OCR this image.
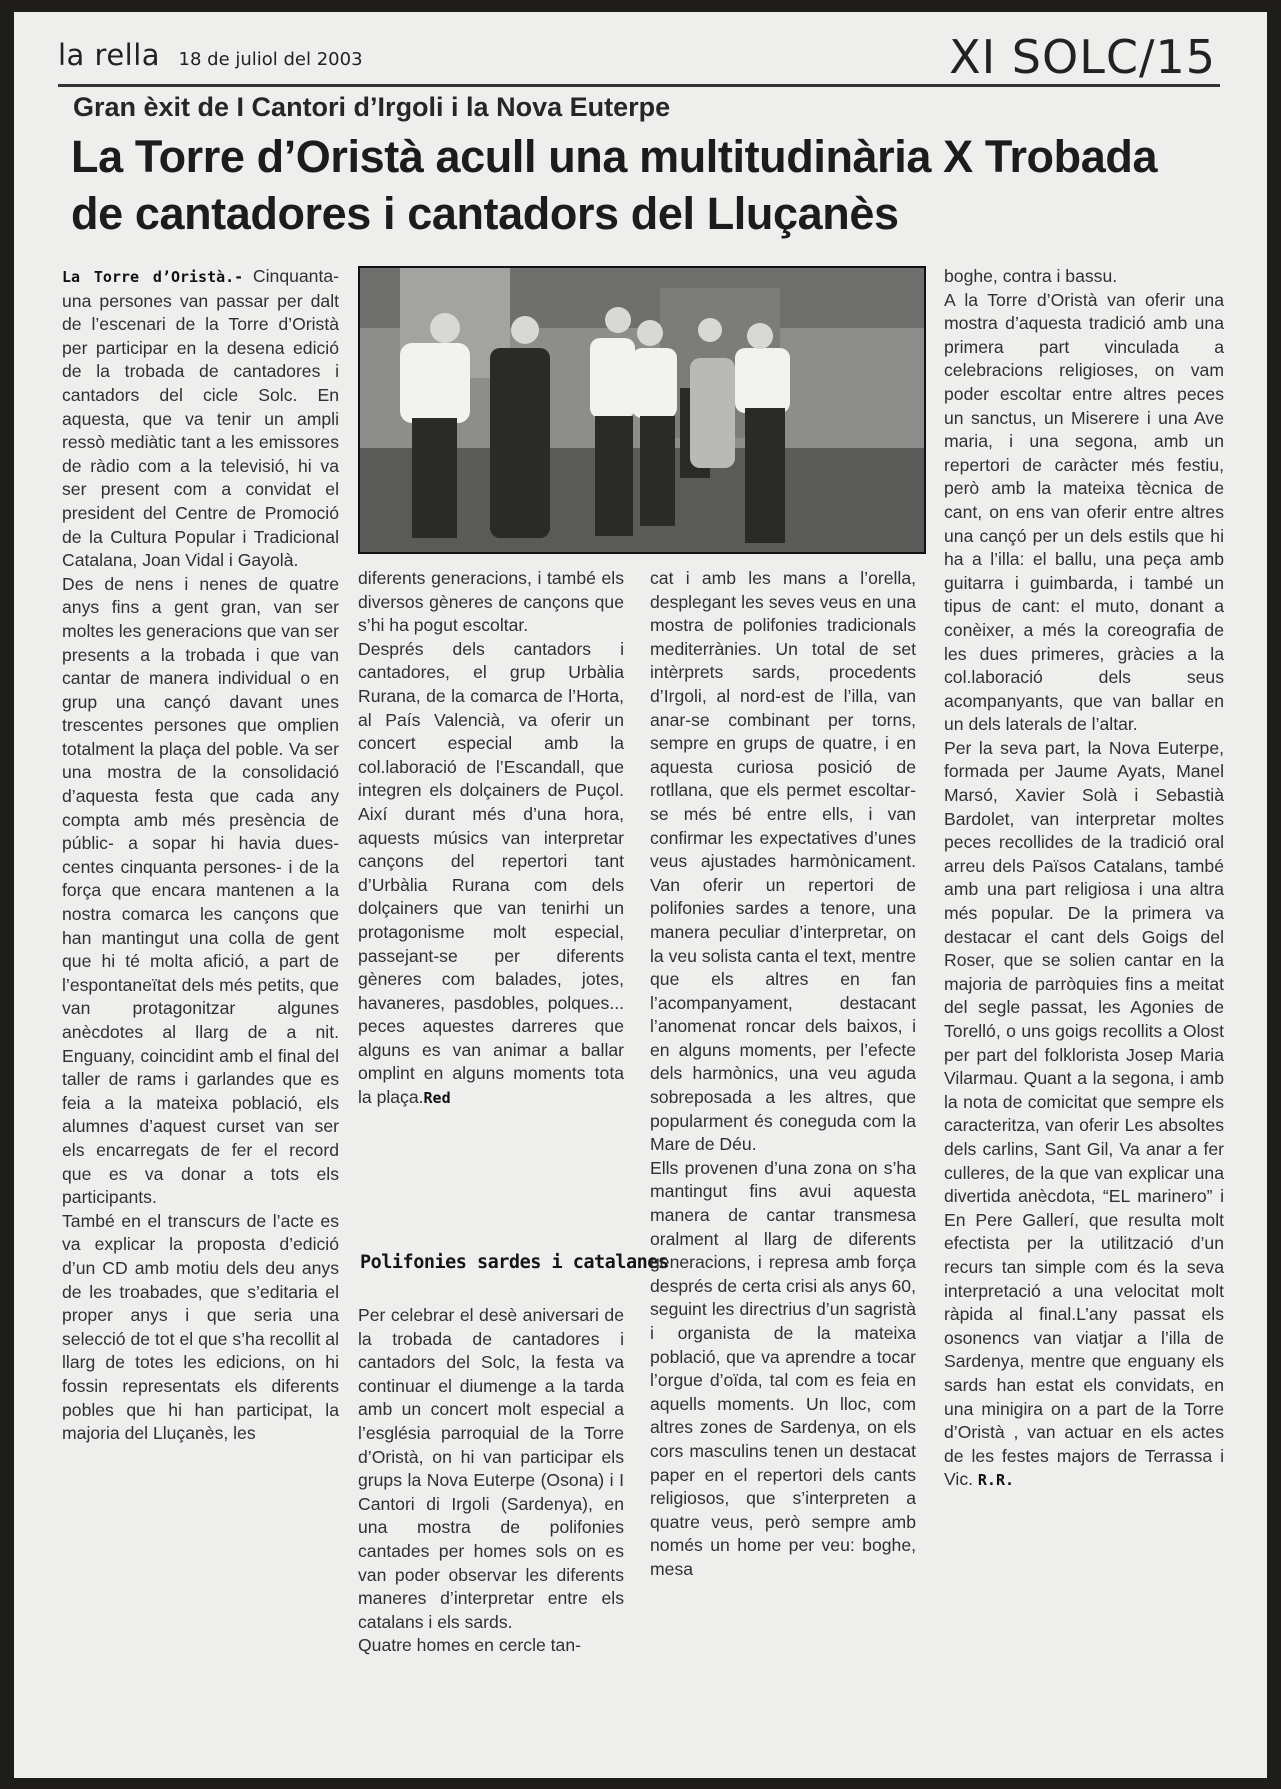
la rella 18 de juliol del 2003	XI SOLC/15
Gran èxit de I Cantori d’Irgoli i la Nova Euterpe
La Torre d’Oristà acull una multitudinària X Trobada de cantadores i cantadors del Lluçanès

La Torre d’Oristà.- Cinquanta-una persones van passar per dalt de l’escenari de la Torre d’Oristà per participar en la desena edició de la trobada de cantadores i cantadors del cicle Solc. En aquesta, que va tenir un ampli ressò mediàtic tant a les emissores de ràdio com a la televisió, hi va ser present com a convidat el president del Centre de Promoció de la Cultura Popular i Tradicional Catalana, Joan Vidal i Gayolà.

Des de nens i nenes de quatre anys fins a gent gran, van ser moltes les generacions que van ser presents a la trobada i que van cantar de manera individual o en grup una cançó davant unes trescentes persones que omplien totalment la plaça del poble. Va ser una mostra de la consolidació d’aquesta festa que cada any compta amb més presència de públic- a sopar hi havia dues-centes cinquanta persones- i de la força que encara mantenen a la nostra comarca les cançons que han mantingut una colla de gent que hi té molta afició, a part de l’espontaneïtat dels més petits, que van protagonitzar algunes anècdotes al llarg de a nit. Enguany, coincidint amb el final del taller de rams i garlandes que es feia a la mateixa població, els alumnes d’aquest curset van ser els encarregats de fer el record que es va donar a tots els participants.

També en el transcurs de l’acte es va explicar la proposta d’edició d’un CD amb motiu dels deu anys de les troabades, que s’editaria el proper anys i que seria una selecció de tot el que s’ha recollit al llarg de totes les edicions, on hi fossin representats els diferents pobles que hi han participat, la majoria del Lluçanès, les

diferents generacions, i també els diversos gèneres de cançons que s’hi ha pogut escoltar.

Després dels cantadors i cantadores, el grup Urbàlia Rurana, de la comarca de l’Horta, al País Valencià, va oferir un concert especial amb la col.laboració de l’Escandall, que integren els dolçainers de Puçol. Així durant més d’una hora, aquests músics van interpretar cançons del repertori tant d’Urbàlia Rurana com dels dolçainers que van tenirhi un protagonisme molt especial, passejant-se per diferents gèneres com balades, jotes, havaneres, pasdobles, polques... peces aquestes darreres que alguns es van animar a ballar omplint en alguns moments tota la plaça.Red

Polifonies sardes i catalanes

Per celebrar el desè aniversari de la trobada de cantadores i cantadors del Solc, la festa va continuar el diumenge a la tarda amb un concert molt especial a l’església parroquial de la Torre d’Oristà, on hi van participar els grups la Nova Euterpe (Osona) i I Cantori di Irgoli (Sardenya), en una mostra de polifonies cantades per homes sols on es van poder observar les diferents maneres d’interpretar entre els catalans i els sards.

Quatre homes en cercle tan-

cat i amb les mans a l’orella, desplegant les seves veus en una mostra de polifonies tradicionals mediterrànies. Un total de set intèrprets sards, procedents d’Irgoli, al nord-est de l’illa, van anar-se combinant per torns, sempre en grups de quatre, i en aquesta curiosa posició de rotllana, que els permet escoltar-se més bé entre ells, i van confirmar les expectatives d’unes veus ajustades harmònicament. Van oferir un repertori de polifonies sardes a tenore, una manera peculiar d’interpretar, on la veu solista canta el text, mentre que els altres en fan l’acompanyament, destacant l’anomenat roncar dels baixos, i en alguns moments, per l’efecte dels harmònics, una veu aguda sobreposada a les altres, que popularment és coneguda com la Mare de Déu.

Ells provenen d’una zona on s’ha mantingut fins avui aquesta manera de cantar transmesa oralment al llarg de diferents generacions, i represa amb força després de certa crisi als anys 60, seguint les directrius d’un sagristà i organista de la mateixa població, que va aprendre a tocar l’orgue d’oïda, tal com es feia en aquells moments. Un lloc, com altres zones de Sardenya, on els cors masculins tenen un destacat paper en el repertori dels cants religiosos, que s’interpreten a quatre veus, però sempre amb només un home per veu: boghe, mesa

boghe, contra i bassu.

A la Torre d’Oristà van oferir una mostra d’aquesta tradició amb una primera part vinculada a celebracions religioses, on vam poder escoltar entre altres peces un sanctus, un Miserere i una Ave maria, i una segona, amb un repertori de caràcter més festiu, però amb la mateixa tècnica de cant, on ens van oferir entre altres una cançó per un dels estils que hi ha a l’illa: el ballu, una peça amb guitarra i guimbarda, i també un tipus de cant: el muto, donant a conèixer, a més la coreografia de les dues primeres, gràcies a la col.laboració dels seus acompanyants, que van ballar en un dels laterals de l’altar.

Per la seva part, la Nova Euterpe, formada per Jaume Ayats, Manel Marsó, Xavier Solà i Sebastià Bardolet, van interpretar moltes peces recollides de la tradició oral arreu dels Països Catalans, també amb una part religiosa i una altra més popular. De la primera va destacar el cant dels Goigs del Roser, que se solien cantar en la majoria de parròquies fins a meitat del segle passat, les Agonies de Torelló, o uns goigs recollits a Olost per part del folklorista Josep Maria Vilarmau. Quant a la segona, i amb la nota de comicitat que sempre els caracteritza, van oferir Les absoltes dels carlins, Sant Gil, Va anar a fer culleres, de la que van explicar una divertida anècdota, “EL marinero” i En Pere Gallerí, que resulta molt efectista per la utilització d’un recurs tan simple com és la seva interpretació a una velocitat molt ràpida al final.L’any passat els osonencs van viatjar a l’illa de Sardenya, mentre que enguany els sards han estat els convidats, en una minigira on a part de la Torre d’Oristà , van actuar en els actes de les festes majors de Terrassa i Vic. R.R.
